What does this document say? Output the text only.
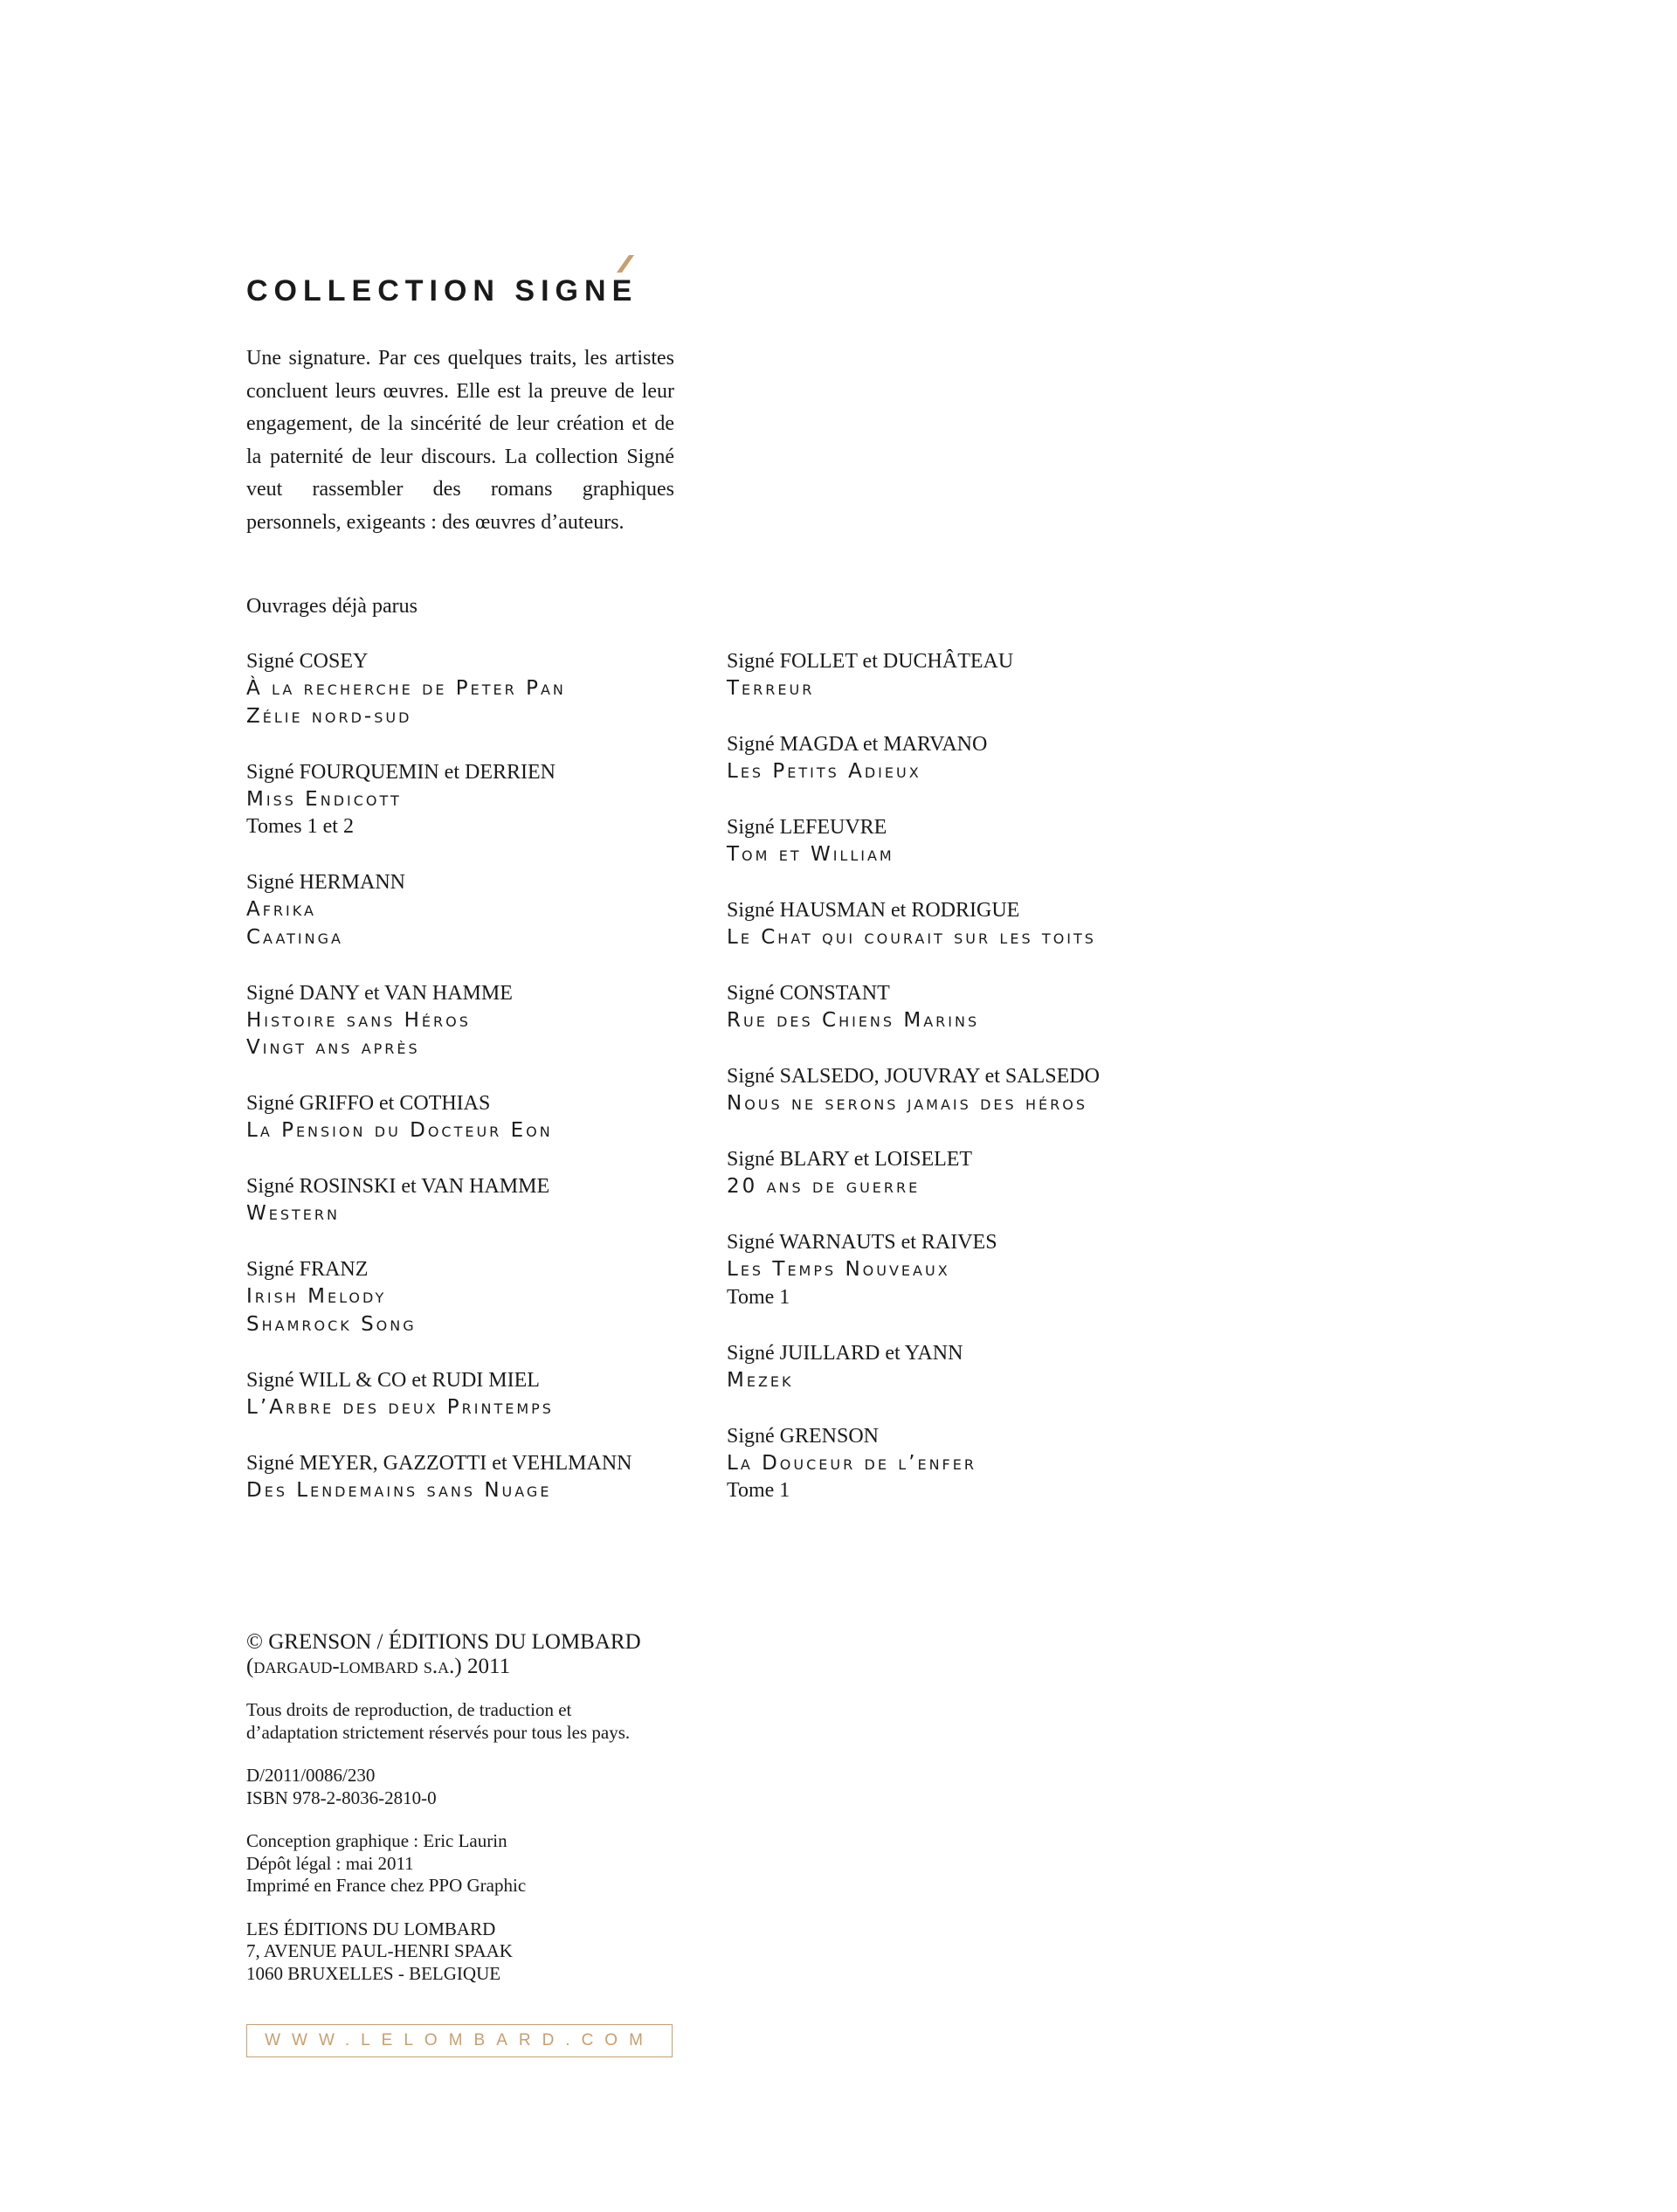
COLLECTION SIGNE

Une signature. Par ces quelques traits, les artistes concluent leurs œuvres. Elle est la preuve de leur engagement, de la sincérité de leur création et de la paternité de leur discours. La collection Signé veut rassembler des romans graphiques personnels, exigeants : des œuvres d’auteurs.

Ouvrages déjà parus

Signé COSEY
À la recherche de Peter Pan
Zélie nord-sud
Signé FOURQUEMIN et DERRIEN
Miss Endicott
Tomes 1 et 2
Signé HERMANN
Afrika
Caatinga
Signé DANY et VAN HAMME
Histoire sans Héros
Vingt ans après
Signé GRIFFO et COTHIAS
La Pension du Docteur Eon
Signé ROSINSKI et VAN HAMME
Western
Signé FRANZ
Irish Melody
Shamrock Song
Signé WILL & CO et RUDI MIEL
L’Arbre des deux Printemps
Signé MEYER, GAZZOTTI et VEHLMANN
Des Lendemains sans Nuage
Signé FOLLET et DUCHÂTEAU
Terreur
Signé MAGDA et MARVANO
Les Petits Adieux
Signé LEFEUVRE
Tom et William
Signé HAUSMAN et RODRIGUE
Le Chat qui courait sur les toits
Signé CONSTANT
Rue des Chiens Marins
Signé SALSEDO, JOUVRAY et SALSEDO
Nous ne serons jamais des héros
Signé BLARY et LOISELET
20 ans de guerre
Signé WARNAUTS et RAIVES
Les Temps Nouveaux
Tome 1
Signé JUILLARD et YANN
Mezek
Signé GRENSON
La Douceur de l’enfer
Tome 1

© GRENSON / ÉDITIONS DU LOMBARD

(dargaud-lombard s.a.) 2011

Tous droits de reproduction, de traduction et

d’adaptation strictement réservés pour tous les pays.

D/2011/0086/230

ISBN 978-2-8036-2810-0

Conception graphique : Eric Laurin

Dépôt légal : mai 2011

Imprimé en France chez PPO Graphic

LES ÉDITIONS DU LOMBARD

7, AVENUE PAUL-HENRI SPAAK

1060 BRUXELLES - BELGIQUE

WWW.LELOMBARD.COM
